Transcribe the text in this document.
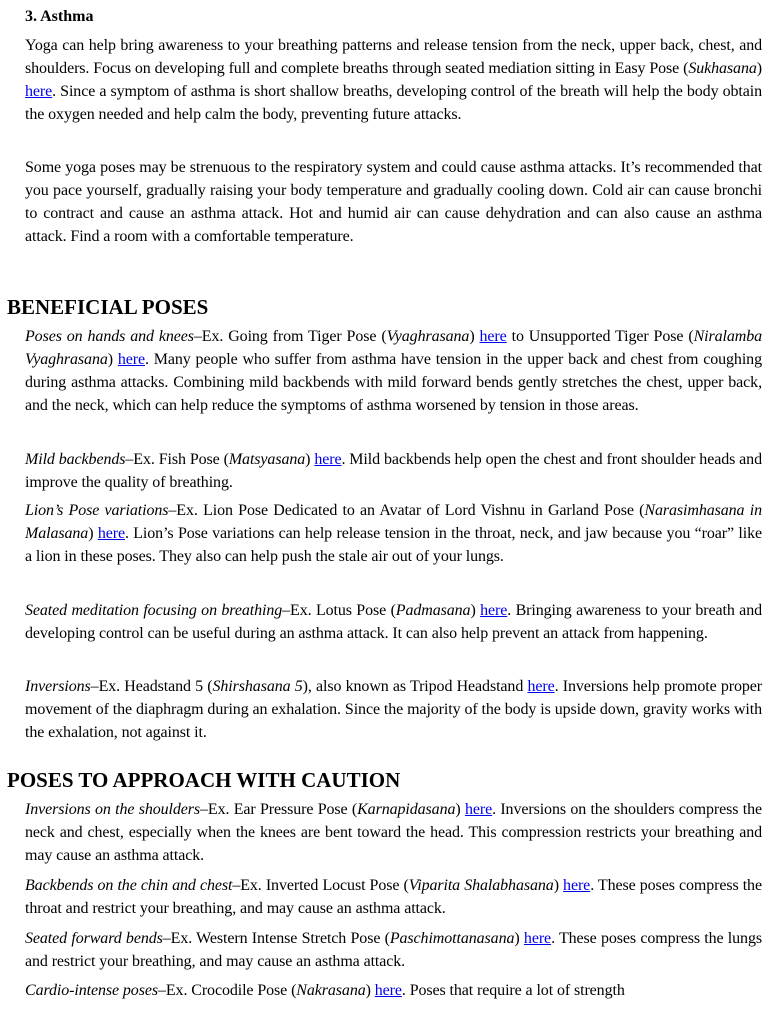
3. Asthma

Yoga can help bring awareness to your breathing patterns and release tension from the neck, upper back, chest, and shoulders. Focus on developing full and complete breaths through seated mediation sitting in Easy Pose (Sukhasana) here. Since a symptom of asthma is short shallow breaths, developing control of the breath will help the body obtain the oxygen needed and help calm the body, preventing future attacks.

Some yoga poses may be strenuous to the respiratory system and could cause asthma attacks. It’s recommended that you pace yourself, gradually raising your body temperature and gradually cooling down. Cold air can cause bronchi to contract and cause an asthma attack. Hot and humid air can cause dehydration and can also cause an asthma attack. Find a room with a comfortable temperature.

BENEFICIAL POSES

Poses on hands and knees–Ex. Going from Tiger Pose (Vyaghrasana) here to Unsupported Tiger Pose (Niralamba Vyaghrasana) here. Many people who suffer from asthma have tension in the upper back and chest from coughing during asthma attacks. Combining mild backbends with mild forward bends gently stretches the chest, upper back, and the neck, which can help reduce the symptoms of asthma worsened by tension in those areas.

Mild backbends–Ex. Fish Pose (Matsyasana) here. Mild backbends help open the chest and front shoulder heads and improve the quality of breathing.

Lion’s Pose variations–Ex. Lion Pose Dedicated to an Avatar of Lord Vishnu in Garland Pose (Narasimhasana in Malasana) here. Lion’s Pose variations can help release tension in the throat, neck, and jaw because you “roar” like a lion in these poses. They also can help push the stale air out of your lungs.

Seated meditation focusing on breathing–Ex. Lotus Pose (Padmasana) here. Bringing awareness to your breath and developing control can be useful during an asthma attack. It can also help prevent an attack from happening.

Inversions–Ex. Headstand 5 (Shirshasana 5), also known as Tripod Headstand here. Inversions help promote proper movement of the diaphragm during an exhalation. Since the majority of the body is upside down, gravity works with the exhalation, not against it.

POSES TO APPROACH WITH CAUTION

Inversions on the shoulders–Ex. Ear Pressure Pose (Karnapidasana) here. Inversions on the shoulders compress the neck and chest, especially when the knees are bent toward the head. This compression restricts your breathing and may cause an asthma attack.

Backbends on the chin and chest–Ex. Inverted Locust Pose (Viparita Shalabhasana) here. These poses compress the throat and restrict your breathing, and may cause an asthma attack.

Seated forward bends–Ex. Western Intense Stretch Pose (Paschimottanasana) here. These poses compress the lungs and restrict your breathing, and may cause an asthma attack.

Cardio-intense poses–Ex. Crocodile Pose (Nakrasana) here. Poses that require a lot of strength
